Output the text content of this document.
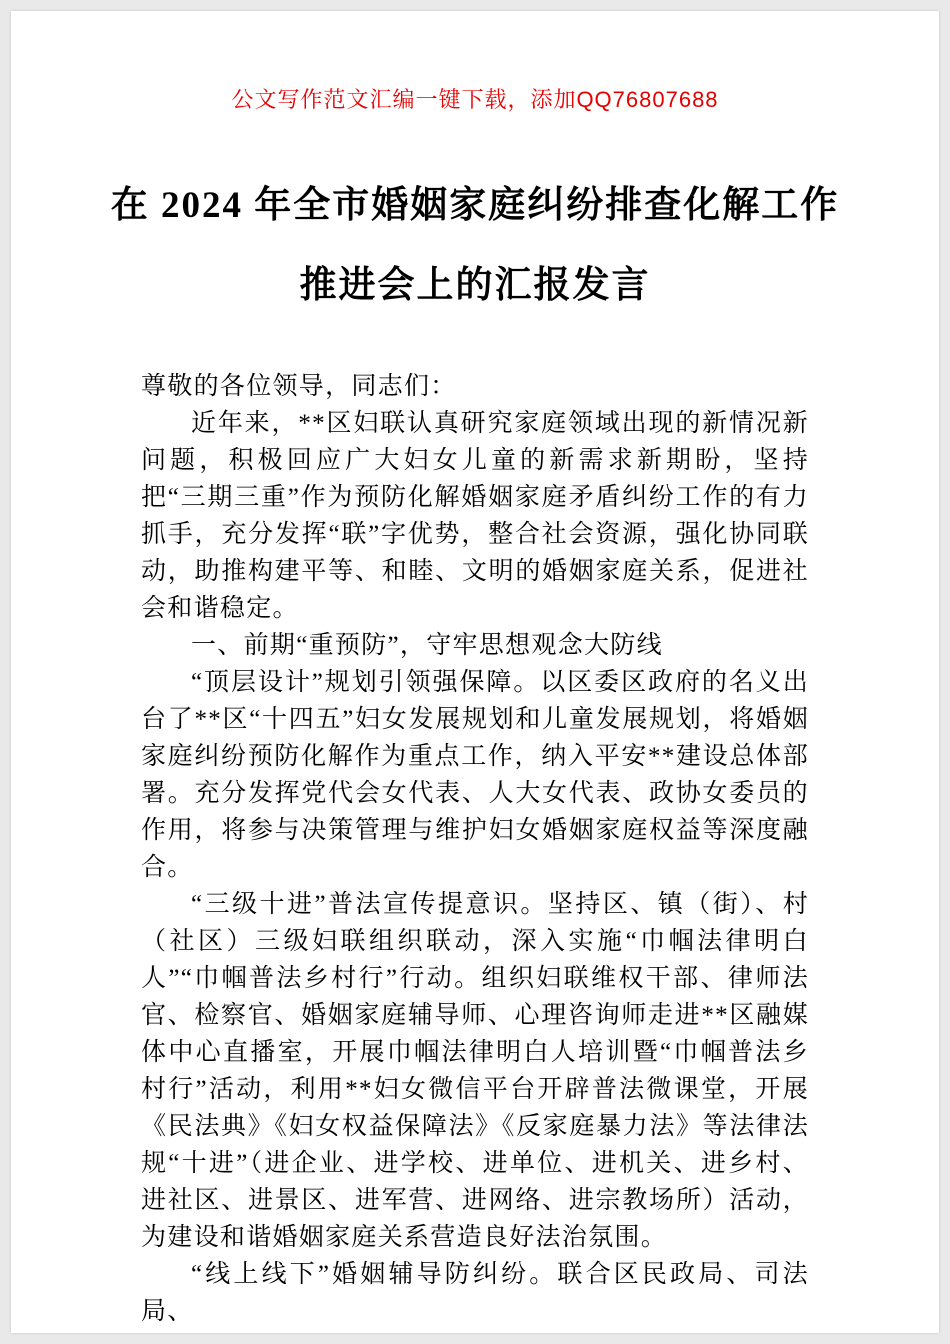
公文写作范文汇编一键下载，添加QQ76807688
在 2024 年全市婚姻家庭纠纷排查化解工作
推进会上的汇报发言

尊敬的各位领导，同志们：

近年来，**区妇联认真研究家庭领域出现的新情况新问题，积极回应广大妇女儿童的新需求新期盼，坚持把“三期三重”作为预防化解婚姻家庭矛盾纠纷工作的有力抓手，充分发挥“联”字优势，整合社会资源，强化协同联动，助推构建平等、和睦、文明的婚姻家庭关系，促进社会和谐稳定。

一、前期“重预防”，守牢思想观念大防线

“顶层设计”规划引领强保障。以区委区政府的名义出台了**区“十四五”妇女发展规划和儿童发展规划，将婚姻家庭纠纷预防化解作为重点工作，纳入平安**建设总体部署。充分发挥党代会女代表、人大女代表、政协女委员的作用，将参与决策管理与维护妇女婚姻家庭权益等深度融合。

“三级十进”普法宣传提意识。坚持区、镇（街）、村（社区）三级妇联组织联动，深入实施“巾帼法律明白人”“巾帼普法乡村行”行动。组织妇联维权干部、律师法官、检察官、婚姻家庭辅导师、心理咨询师走进**区融媒体中心直播室，开展巾帼法律明白人培训暨“巾帼普法乡村行”活动，利用**妇女微信平台开辟普法微课堂，开展《民法典》《妇女权益保障法》《反家庭暴力法》等法律法规“十进”（进企业、进学校、进单位、进机关、进乡村、进社区、进景区、进军营、进网络、进宗教场所）活动，为建设和谐婚姻家庭关系营造良好法治氛围。

“线上线下”婚姻辅导防纠纷。联合区民政局、司法局、
